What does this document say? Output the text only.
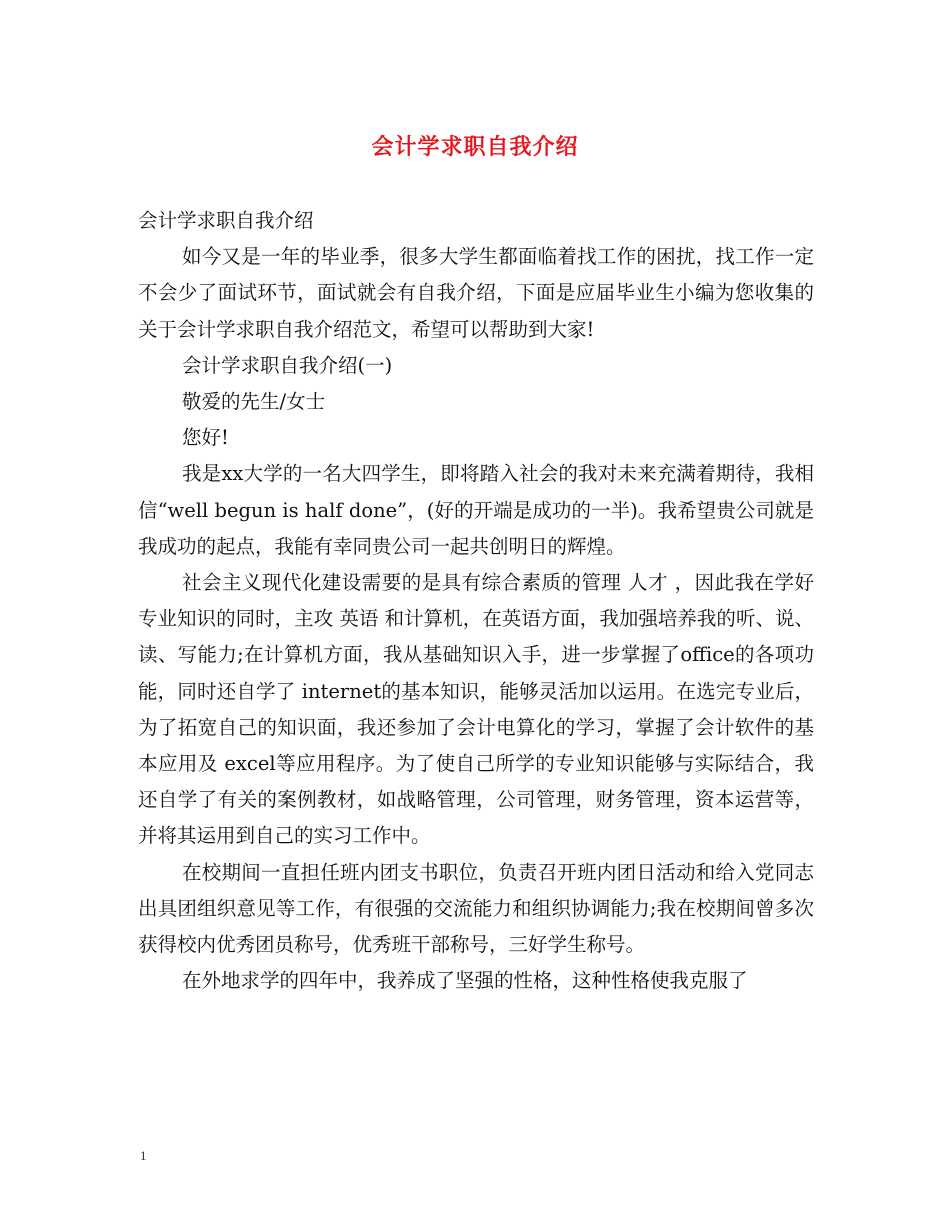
会计学求职自我介绍

会计学求职自我介绍

如今又是一年的毕业季，很多大学生都面临着找工作的困扰，找工作一定不会少了面试环节，面试就会有自我介绍，下面是应届毕业生小编为您收集的关于会计学求职自我介绍范文，希望可以帮助到大家!

会计学求职自我介绍(一)

敬爱的先生/女士

您好!

我是xx大学的一名大四学生，即将踏入社会的我对未来充满着期待，我相信“well begun is half done”，(好的开端是成功的一半)。我希望贵公司就是我成功的起点，我能有幸同贵公司一起共创明日的辉煌。

社会主义现代化建设需要的是具有综合素质的管理 人才 ，因此我在学好专业知识的同时，主攻 英语 和计算机，在英语方面，我加强培养我的听、说、读、写能力;在计算机方面，我从基础知识入手，进一步掌握了office的各项功能，同时还自学了 internet的基本知识，能够灵活加以运用。在选完专业后，为了拓宽自己的知识面，我还参加了会计电算化的学习，掌握了会计软件的基本应用及 excel等应用程序。为了使自己所学的专业知识能够与实际结合，我还自学了有关的案例教材，如战略管理，公司管理，财务管理，资本运营等，并将其运用到自己的实习工作中。

在校期间一直担任班内团支书职位，负责召开班内团日活动和给入党同志出具团组织意见等工作，有很强的交流能力和组织协调能力;我在校期间曾多次获得校内优秀团员称号，优秀班干部称号，三好学生称号。

在外地求学的四年中，我养成了坚强的性格，这种性格使我克服了

1
